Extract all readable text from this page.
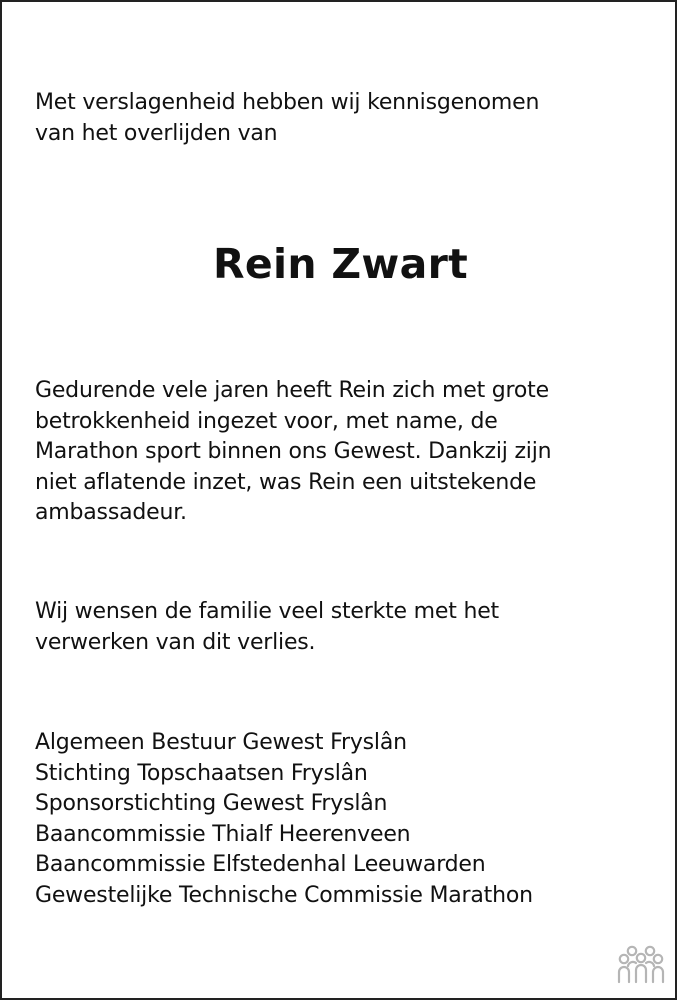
Met verslagenheid hebben wij kennisgenomen
van het overlijden van
Rein Zwart
Gedurende vele jaren heeft Rein zich met grote
betrokkenheid ingezet voor, met name, de
Marathon sport binnen ons Gewest. Dankzij zijn
niet aflatende inzet, was Rein een uitstekende
ambassadeur.
Wij wensen de familie veel sterkte met het
verwerken van dit verlies.
Algemeen Bestuur Gewest Fryslân
Stichting Topschaatsen Fryslân
Sponsorstichting Gewest Fryslân
Baancommissie Thialf Heerenveen
Baancommissie Elfstedenhal Leeuwarden
Gewestelijke Technische Commissie Marathon
